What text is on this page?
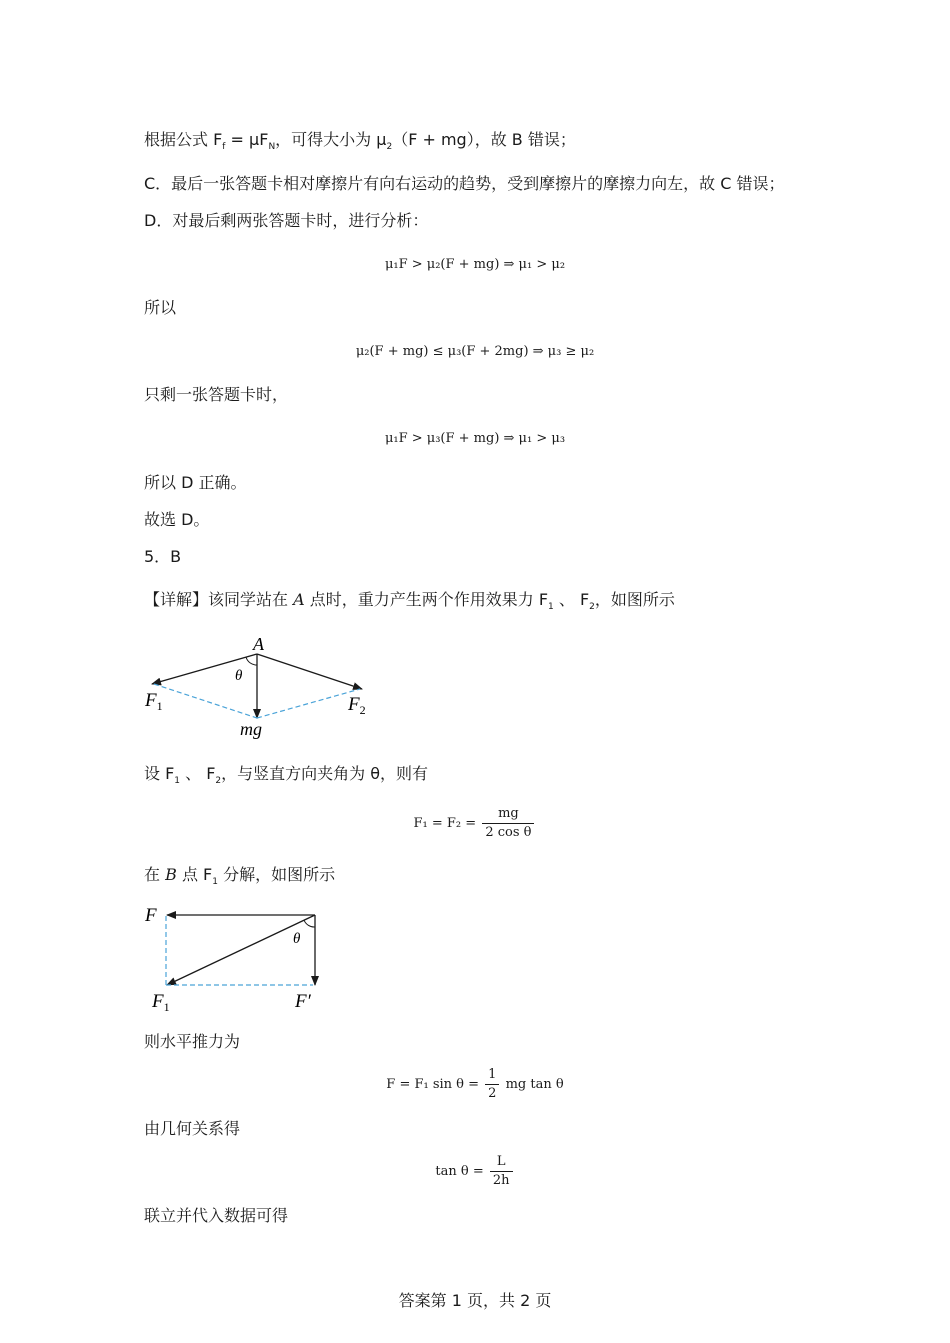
根据公式 $F_f = \mu F_N$，可得大小为 $\mu_2(F + mg)$，故 B 错误；
C．最后一张答题卡相对摩擦片有向右运动的趋势，受到摩擦片的摩擦力向左，故 C 错误；
D．对最后剩两张答题卡时，进行分析：
μ₁F > μ₂(F + mg) ⇒ μ₁ > μ₂
所以
μ₂(F + mg) ≤ μ₃(F + 2mg) ⇒ μ₃ ≥ μ₂
只剩一张答题卡时，
μ₁F > μ₃(F + mg) ⇒ μ₁ > μ₃
所以 D 正确。
故选 D。
5．B
【详解】该同学站在 A 点时，重力产生两个作用效果力 $F_1$ 、 $F_2$，如图所示
A
θ
$F_1$	$F_2$
mg
设 $F_1$ 、 $F_2$，与竖直方向夹角为 θ，则有
$F_1 = F_2 = \frac{mg}{\text{2 cos θ}}$
在 B 点 $F_1$ 分解，如图所示
F
θ
$F_1$	F′
则水平推力为
F = F₁ $\sin \theta = \frac{1}{2}$ mg tan θ
由几何关系得
$\tan \theta = \frac{L}{2h}$
联立并代入数据可得
答案第 1 页，共 2 页
